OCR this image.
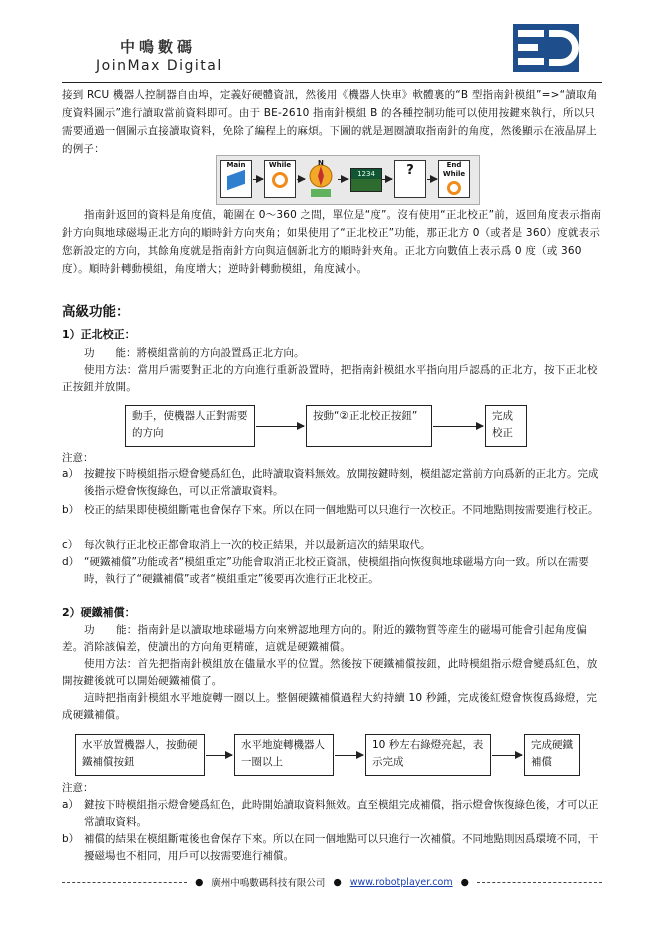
中鳴數碼
JoinMax Digital
接到 RCU 機器人控制器自由埠，定義好硬體資訊，然後用《機器人快車》軟體裏的“B 型指南針模組”=>“讀取角度資料圖示”進行讀取當前資料即可。由于 BE-2610 指南針模組 B 的各種控制功能可以使用按鍵來執行，所以只需要通過一個圖示直接讀取資料，免除了編程上的麻煩。下圖的就是迴圈讀取指南針的角度，然後顯示在液晶屏上的例子：
Main	While	N
1234	?	End While
指南針返回的資料是角度值，範圍在 0～360 之間，單位是“度”。沒有使用“正北校正”前，返回角度表示指南針方向與地球磁場正北方向的順時針方向夾角；如果使用了“正北校正”功能，那正北方 0（或者是 360）度就表示您新設定的方向，其餘角度就是指南針方向與這個新北方的順時針夾角。正北方向數值上表示爲 0 度（或 360 度）。順時針轉動模組，角度增大；逆時針轉動模組，角度減小。
高級功能：
1）正北校正：
功　　能：將模組當前的方向設置爲正北方向。
使用方法：當用戶需要對正北的方向進行重新設置時，把指南針模組水平指向用戶認爲的正北方，按下正北校正按鈕并放開。
動手，使機器人正對需要的方向
按動“②正北校正按鈕”	完成校正
注意：
a） 按鍵按下時模組指示燈會變爲紅色，此時讀取資料無效。放開按鍵時刻，模組認定當前方向爲新的正北方。完成後指示燈會恢復綠色，可以正常讀取資料。
b） 校正的結果即使模組斷電也會保存下來。所以在同一個地點可以只進行一次校正。不同地點則按需要進行校正。
c） 每次執行正北校正都會取消上一次的校正結果，并以最新這次的結果取代。
d） “硬鐵補償”功能或者“模組重定”功能會取消正北校正資訊，使模組指向恢復與地球磁場方向一致。所以在需要時，執行了“硬鐵補償”或者“模組重定”後要再次進行正北校正。
2）硬鐵補償：
功　　能：指南針是以讀取地球磁場方向來辨認地理方向的。附近的鐵物質等産生的磁場可能會引起角度偏差。消除該偏差，使讀出的方向角更精確，這就是硬鐵補償。
使用方法：首先把指南針模組放在儘量水平的位置。然後按下硬鐵補償按鈕，此時模組指示燈會變爲紅色，放開按鍵後就可以開始硬鐵補償了。
這時把指南針模組水平地旋轉一圈以上。整個硬鐵補償過程大約持續 10 秒鍾，完成後紅燈會恢復爲綠燈，完成硬鐵補償。
水平放置機器人，按動硬鐵補償按鈕
水平地旋轉機器人一圈以上
10 秒左右綠燈亮起，表示完成
完成硬鐵補償
注意：
a） 鍵按下時模組指示燈會變爲紅色，此時開始讀取資料無效。直至模組完成補償，指示燈會恢復綠色後，才可以正常讀取資料。
b） 補償的結果在模組斷電後也會保存下來。所以在同一個地點可以只進行一次補償。不同地點則因爲環境不同，干擾磁場也不相同，用戶可以按需要進行補償。
● 廣州中鳴數碼科技有限公司 ● www.robotplayer.com ●
